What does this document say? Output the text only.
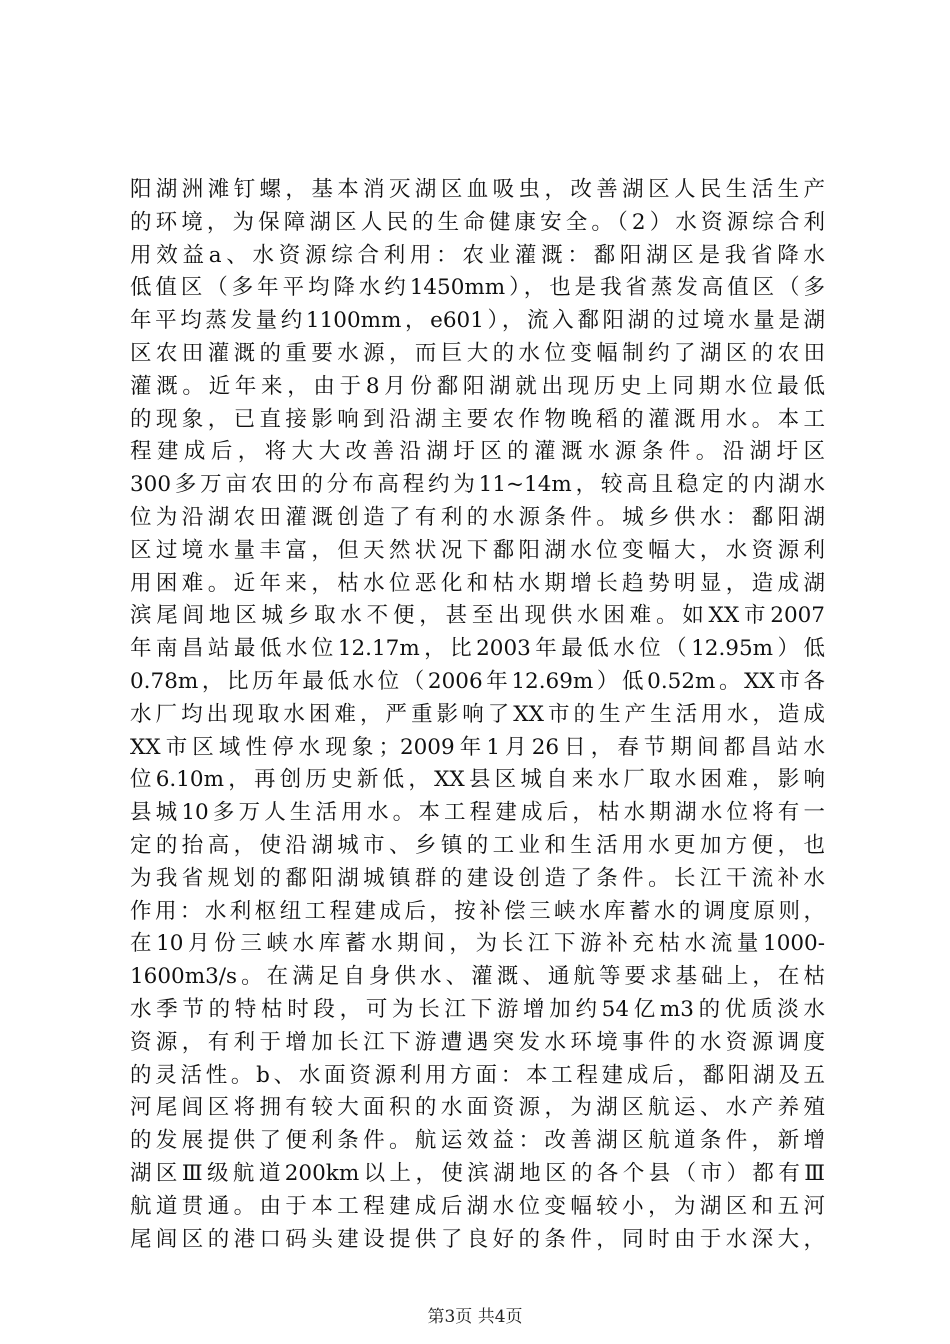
阳湖洲滩钉螺，基本消灭湖区血吸虫，改善湖区人民生活生产
的环境，为保障湖区人民的生命健康安全。（2）水资源综合利
用效益a、水资源综合利用：农业灌溉：鄱阳湖区是我省降水
低值区（多年平均降水约1450mm），也是我省蒸发高值区（多
年平均蒸发量约1100mm，e601），流入鄱阳湖的过境水量是湖
区农田灌溉的重要水源，而巨大的水位变幅制约了湖区的农田
灌溉。近年来，由于8月份鄱阳湖就出现历史上同期水位最低
的现象，已直接影响到沿湖主要农作物晚稻的灌溉用水。本工
程建成后，将大大改善沿湖圩区的灌溉水源条件。沿湖圩区
300多万亩农田的分布高程约为11~14m，较高且稳定的内湖水
位为沿湖农田灌溉创造了有利的水源条件。城乡供水：鄱阳湖
区过境水量丰富，但天然状况下鄱阳湖水位变幅大，水资源利
用困难。近年来，枯水位恶化和枯水期增长趋势明显，造成湖
滨尾闾地区城乡取水不便，甚至出现供水困难。如XX市2007
年南昌站最低水位12.17m，比2003年最低水位（12.95m）低
0.78m，比历年最低水位（2006年12.69m）低0.52m。XX市各
水厂均出现取水困难，严重影响了XX市的生产生活用水，造成
XX市区域性停水现象；2009年1月26日，春节期间都昌站水
位6.10m，再创历史新低，XX县区城自来水厂取水困难，影响
县城10多万人生活用水。本工程建成后，枯水期湖水位将有一
定的抬高，使沿湖城市、乡镇的工业和生活用水更加方便，也
为我省规划的鄱阳湖城镇群的建设创造了条件。长江干流补水
作用：水利枢纽工程建成后，按补偿三峡水库蓄水的调度原则，
在10月份三峡水库蓄水期间，为长江下游补充枯水流量1000-
1600m3/s。在满足自身供水、灌溉、通航等要求基础上，在枯
水季节的特枯时段，可为长江下游增加约54亿m3的优质淡水
资源，有利于增加长江下游遭遇突发水环境事件的水资源调度
的灵活性。b、水面资源利用方面：本工程建成后，鄱阳湖及五
河尾闾区将拥有较大面积的水面资源，为湖区航运、水产养殖
的发展提供了便利条件。航运效益：改善湖区航道条件，新增
湖区Ⅲ级航道200km以上，使滨湖地区的各个县（市）都有Ⅲ
航道贯通。由于本工程建成后湖水位变幅较小，为湖区和五河
尾闾区的港口码头建设提供了良好的条件，同时由于水深大，
第3页 共4页
